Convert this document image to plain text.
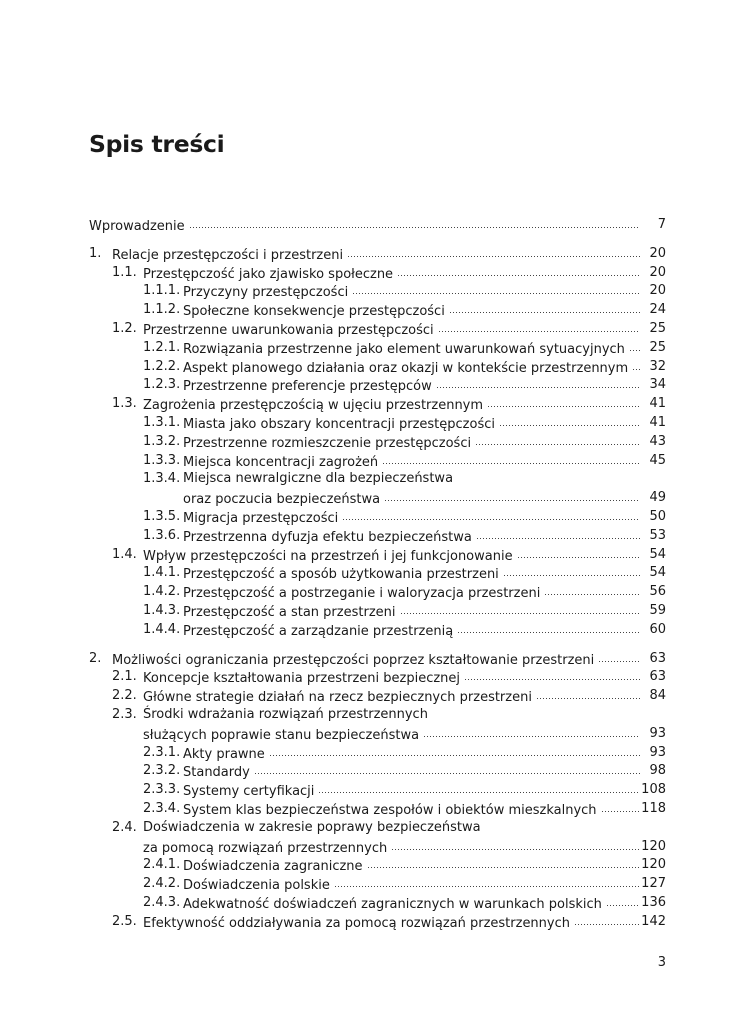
Spis treści
Wprowadzenie	7
1. Relacje przestępczości i przestrzeni	20
1.1. Przestępczość jako zjawisko społeczne	20
1.1.1. Przyczyny przestępczości	20
1.1.2. Społeczne konsekwencje przestępczości	24
1.2. Przestrzenne uwarunkowania przestępczości	25
1.2.1. Rozwiązania przestrzenne jako element uwarunkowań sytuacyjnych	25
1.2.2. Aspekt planowego działania oraz okazji w kontekście przestrzennym	32
1.2.3. Przestrzenne preferencje przestępców	34
1.3. Zagrożenia przestępczością w ujęciu przestrzennym	41
1.3.1. Miasta jako obszary koncentracji przestępczości	41
1.3.2. Przestrzenne rozmieszczenie przestępczości	43
1.3.3. Miejsca koncentracji zagrożeń	45
1.3.4. Miejsca newralgiczne dla bezpieczeństwa
oraz poczucia bezpieczeństwa	49
1.3.5. Migracja przestępczości	50
1.3.6. Przestrzenna dyfuzja efektu bezpieczeństwa	53
1.4. Wpływ przestępczości na przestrzeń i jej funkcjonowanie	54
1.4.1. Przestępczość a sposób użytkowania przestrzeni	54
1.4.2. Przestępczość a postrzeganie i waloryzacja przestrzeni	56
1.4.3. Przestępczość a stan przestrzeni	59
1.4.4. Przestępczość a zarządzanie przestrzenią	60
2. Możliwości ograniczania przestępczości poprzez kształtowanie przestrzeni	63
2.1. Koncepcje kształtowania przestrzeni bezpiecznej	63
2.2. Główne strategie działań na rzecz bezpiecznych przestrzeni	84
2.3. Środki wdrażania rozwiązań przestrzennych
służących poprawie stanu bezpieczeństwa	93
2.3.1. Akty prawne	93
2.3.2. Standardy	98
2.3.3. Systemy certyfikacji	108
2.3.4. System klas bezpieczeństwa zespołów i obiektów mieszkalnych	118
2.4. Doświadczenia w zakresie poprawy bezpieczeństwa
za pomocą rozwiązań przestrzennych	120
2.4.1. Doświadczenia zagraniczne	120
2.4.2. Doświadczenia polskie	127
2.4.3. Adekwatność doświadczeń zagranicznych w warunkach polskich	136
2.5. Efektywność oddziaływania za pomocą rozwiązań przestrzennych	142
3
